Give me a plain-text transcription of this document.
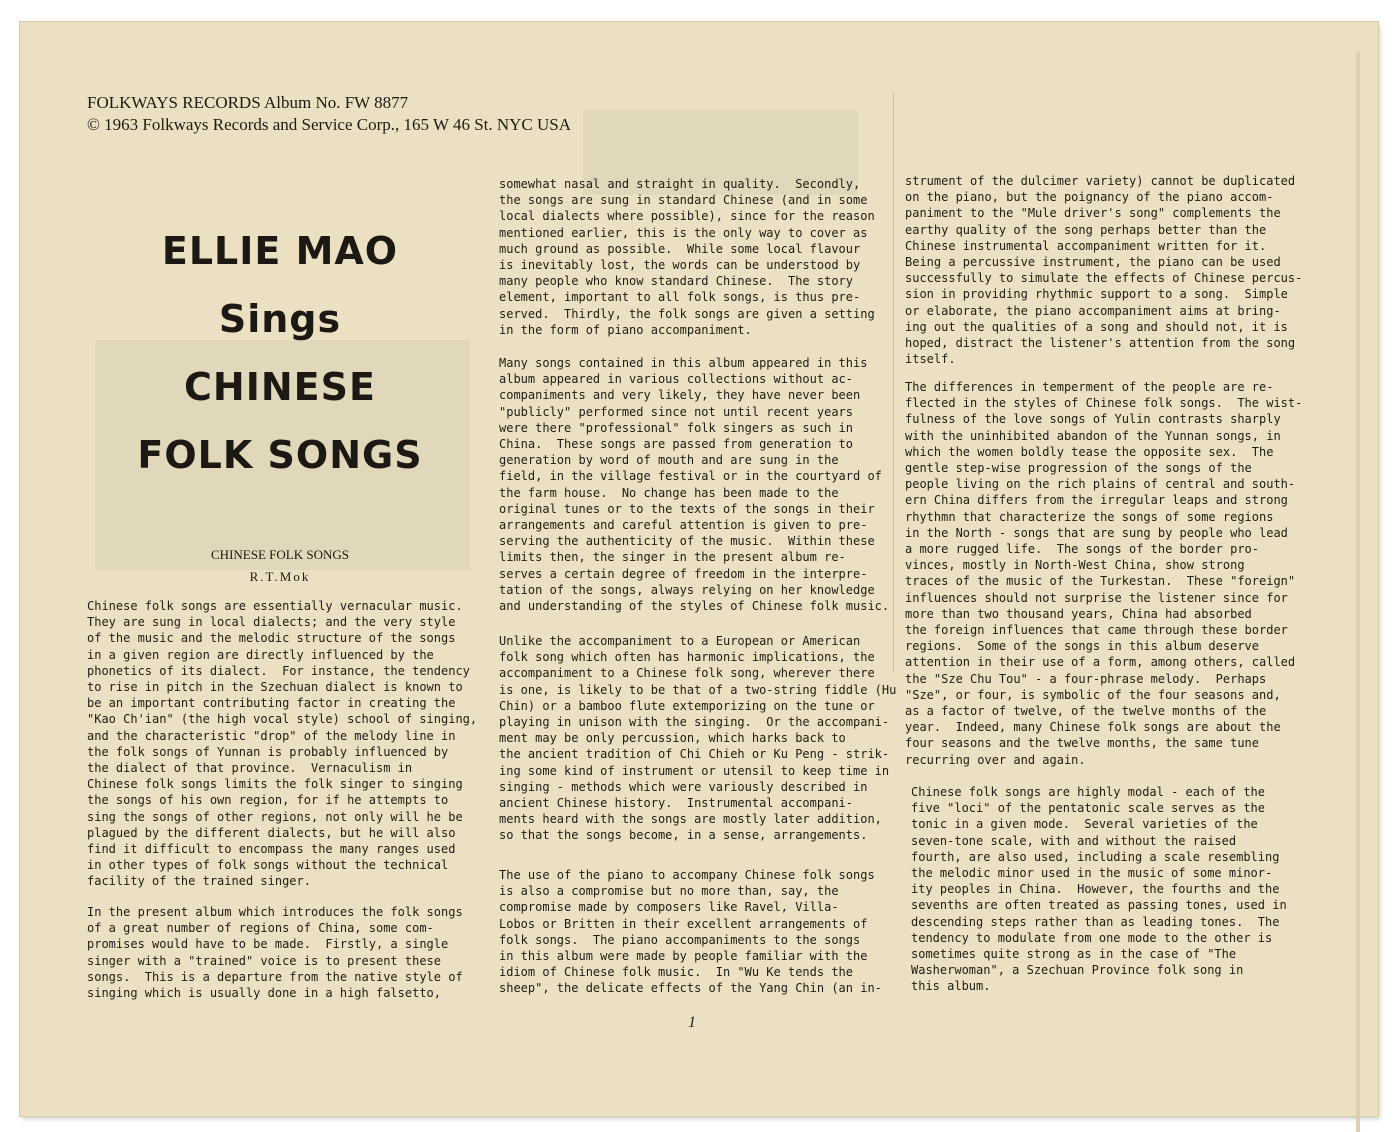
FOLKWAYS RECORDS Album No. FW 8877
© 1963 Folkways Records and Service Corp., 165 W 46 St. NYC USA
ELLIE MAO
Sings
CHINESE
FOLK SONGS
CHINESE FOLK SONGS
R.T.Mok
Chinese folk songs are essentially vernacular music.
They are sung in local dialects; and the very style
of the music and the melodic structure of the songs
in a given region are directly influenced by the
phonetics of its dialect.  For instance, the tendency
to rise in pitch in the Szechuan dialect is known to
be an important contributing factor in creating the
"Kao Ch'ian" (the high vocal style) school of singing,
and the characteristic "drop" of the melody line in
the folk songs of Yunnan is probably influenced by
the dialect of that province.  Vernaculism in
Chinese folk songs limits the folk singer to singing
the songs of his own region, for if he attempts to
sing the songs of other regions, not only will he be
plagued by the different dialects, but he will also
find it difficult to encompass the many ranges used
in other types of folk songs without the technical
facility of the trained singer.
In the present album which introduces the folk songs
of a great number of regions of China, some com-
promises would have to be made.  Firstly, a single
singer with a "trained" voice is to present these
songs.  This is a departure from the native style of
singing which is usually done in a high falsetto,
somewhat nasal and straight in quality.  Secondly,
the songs are sung in standard Chinese (and in some
local dialects where possible), since for the reason
mentioned earlier, this is the only way to cover as
much ground as possible.  While some local flavour
is inevitably lost, the words can be understood by
many people who know standard Chinese.  The story
element, important to all folk songs, is thus pre-
served.  Thirdly, the folk songs are given a setting
in the form of piano accompaniment.
Many songs contained in this album appeared in this
album appeared in various collections without ac-
companiments and very likely, they have never been
"publicly" performed since not until recent years
were there "professional" folk singers as such in
China.  These songs are passed from generation to
generation by word of mouth and are sung in the
field, in the village festival or in the courtyard of
the farm house.  No change has been made to the
original tunes or to the texts of the songs in their
arrangements and careful attention is given to pre-
serving the authenticity of the music.  Within these
limits then, the singer in the present album re-
serves a certain degree of freedom in the interpre-
tation of the songs, always relying on her knowledge
and understanding of the styles of Chinese folk music.
Unlike the accompaniment to a European or American
folk song which often has harmonic implications, the
accompaniment to a Chinese folk song, wherever there
is one, is likely to be that of a two-string fiddle (Hu
Chin) or a bamboo flute extemporizing on the tune or
playing in unison with the singing.  Or the accompani-
ment may be only percussion, which harks back to
the ancient tradition of Chi Chieh or Ku Peng - strik-
ing some kind of instrument or utensil to keep time in
singing - methods which were variously described in
ancient Chinese history.  Instrumental accompani-
ments heard with the songs are mostly later addition,
so that the songs become, in a sense, arrangements.
The use of the piano to accompany Chinese folk songs
is also a compromise but no more than, say, the
compromise made by composers like Ravel, Villa-
Lobos or Britten in their excellent arrangements of
folk songs.  The piano accompaniments to the songs
in this album were made by people familiar with the
idiom of Chinese folk music.  In "Wu Ke tends the
sheep", the delicate effects of the Yang Chin (an in-
strument of the dulcimer variety) cannot be duplicated
on the piano, but the poignancy of the piano accom-
paniment to the "Mule driver's song" complements the
earthy quality of the song perhaps better than the
Chinese instrumental accompaniment written for it.
Being a percussive instrument, the piano can be used
successfully to simulate the effects of Chinese percus-
sion in providing rhythmic support to a song.  Simple
or elaborate, the piano accompaniment aims at bring-
ing out the qualities of a song and should not, it is
hoped, distract the listener's attention from the song
itself.
The differences in temperment of the people are re-
flected in the styles of Chinese folk songs.  The wist-
fulness of the love songs of Yulin contrasts sharply
with the uninhibited abandon of the Yunnan songs, in
which the women boldly tease the opposite sex.  The
gentle step-wise progression of the songs of the
people living on the rich plains of central and south-
ern China differs from the irregular leaps and strong
rhythmn that characterize the songs of some regions
in the North - songs that are sung by people who lead
a more rugged life.  The songs of the border pro-
vinces, mostly in North-West China, show strong
traces of the music of the Turkestan.  These "foreign"
influences should not surprise the listener since for
more than two thousand years, China had absorbed
the foreign influences that came through these border
regions.  Some of the songs in this album deserve
attention in their use of a form, among others, called
the "Sze Chu Tou" - a four-phrase melody.  Perhaps
"Sze", or four, is symbolic of the four seasons and,
as a factor of twelve, of the twelve months of the
year.  Indeed, many Chinese folk songs are about the
four seasons and the twelve months, the same tune
recurring over and again.
Chinese folk songs are highly modal - each of the
five "loci" of the pentatonic scale serves as the
tonic in a given mode.  Several varieties of the
seven-tone scale, with and without the raised
fourth, are also used, including a scale resembling
the melodic minor used in the music of some minor-
ity peoples in China.  However, the fourths and the
sevenths are often treated as passing tones, used in
descending steps rather than as leading tones.  The
tendency to modulate from one mode to the other is
sometimes quite strong as in the case of "The
Washerwoman", a Szechuan Province folk song in
this album.
1
